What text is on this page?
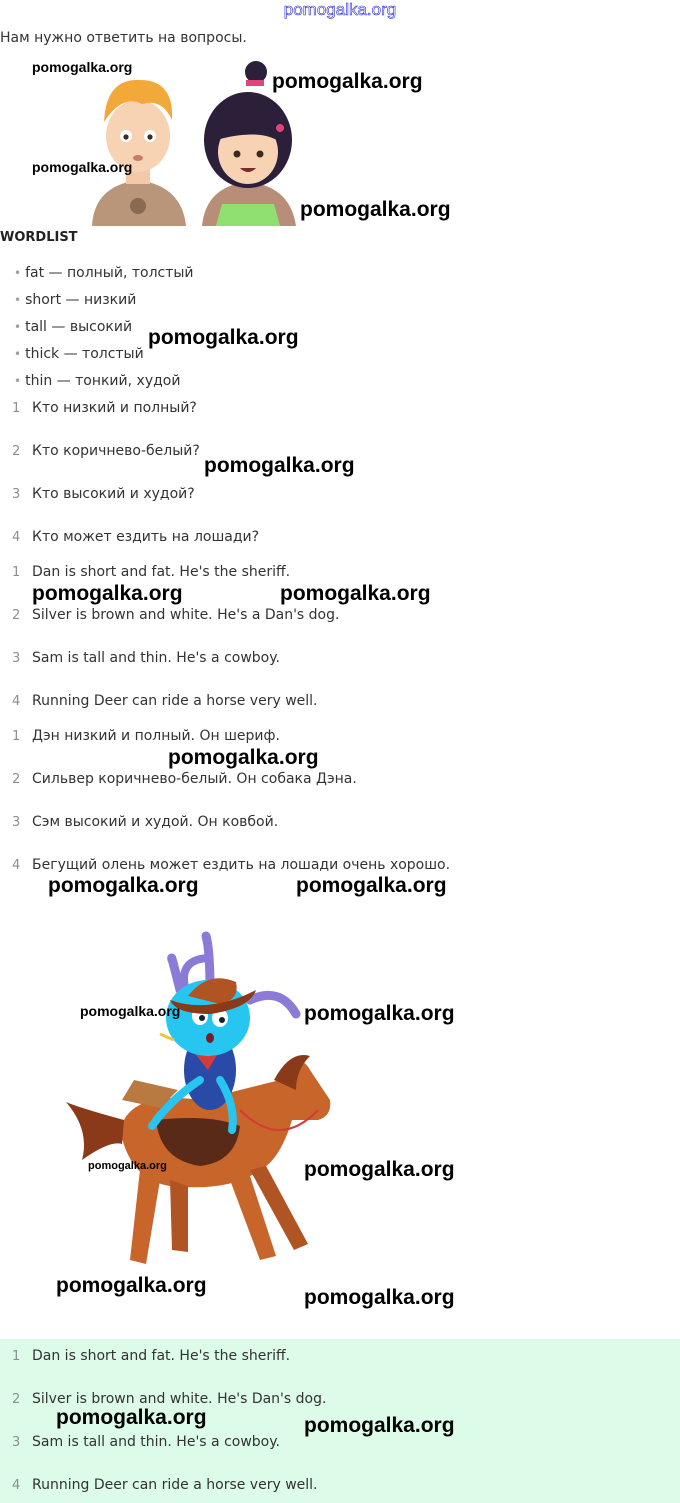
pomogalka.org
Нам нужно ответить на вопросы.
pomogalka.org
pomogalka.org
pomogalka.org
pomogalka.org
WORDLIST
• fat — полный, толстый
• short — низкий
• tall — высокий
• thick — толстый
• thin — тонкий, худой
pomogalka.org
1 Кто низкий и полный?
2 Кто коричнево-белый?
3 Кто высокий и худой?
4 Кто может ездить на лошади?
pomogalka.org
1 Dan is short and fat. He's the sheriff.
2 Silver is brown and white. He's a Dan's dog.
3 Sam is tall and thin. He's a cowboy.
4 Running Deer can ride a horse very well.
pomogalka.org	pomogalka.org
1 Дэн низкий и полный. Он шериф.
2 Сильвер коричнево-белый. Он собака Дэна.
3 Сэм высокий и худой. Он ковбой.
4 Бегущий олень может ездить на лошади очень хорошо.
pomogalka.org
pomogalka.org	pomogalka.org
pomogalka.org	pomogalka.org
pomogalka.org	pomogalka.org
pomogalka.org
pomogalka.org
1 Dan is short and fat. He's the sheriff.
2 Silver is brown and white. He's Dan's dog.
3 Sam is tall and thin. He's a cowboy.
4 Running Deer can ride a horse very well.
pomogalka.org	pomogalka.org
